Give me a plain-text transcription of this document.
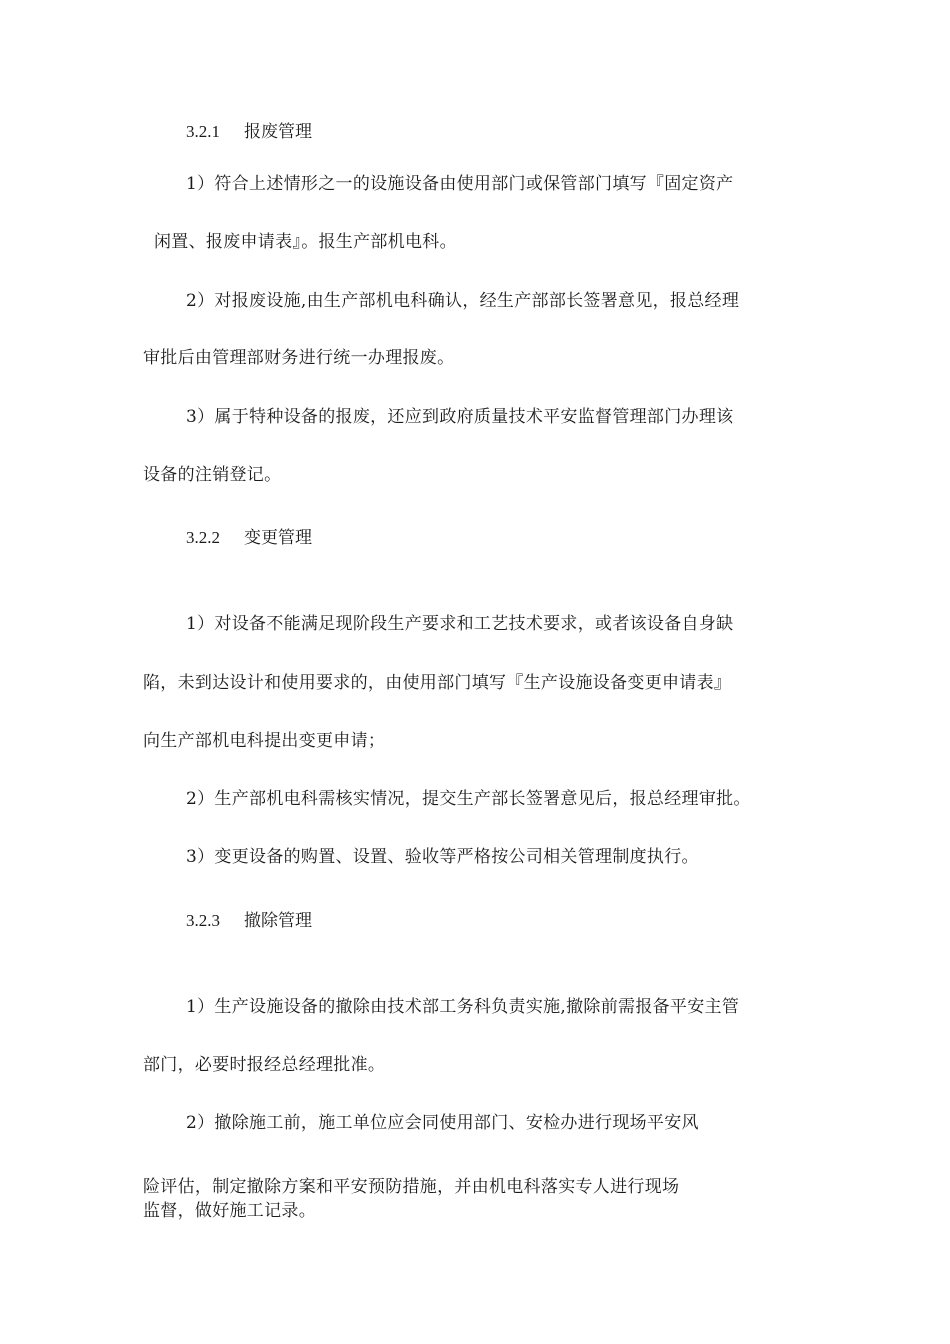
3.2.1 报废管理
1）符合上述情形之一的设施设备由使用部门或保管部门填写『固定资产
闲置、报废申请表』。报生产部机电科。
2）对报废设施,由生产部机电科确认，经生产部部长签署意见，报总经理
审批后由管理部财务进行统一办理报废。
3）属于特种设备的报废，还应到政府质量技术平安监督管理部门办理该
设备的注销登记。
3.2.2 变更管理
1）对设备不能满足现阶段生产要求和工艺技术要求，或者该设备自身缺
陷，未到达设计和使用要求的，由使用部门填写『生产设施设备变更申请表』
向生产部机电科提出变更申请；
2）生产部机电科需核实情况，提交生产部长签署意见后，报总经理审批。
3）变更设备的购置、设置、验收等严格按公司相关管理制度执行。
3.2.3 撤除管理
1）生产设施设备的撤除由技术部工务科负责实施,撤除前需报备平安主管
部门，必要时报经总经理批准。
2）撤除施工前，施工单位应会同使用部门、安检办进行现场平安风
险评估，制定撤除方案和平安预防措施，并由机电科落实专人进行现场
监督，做好施工记录。
